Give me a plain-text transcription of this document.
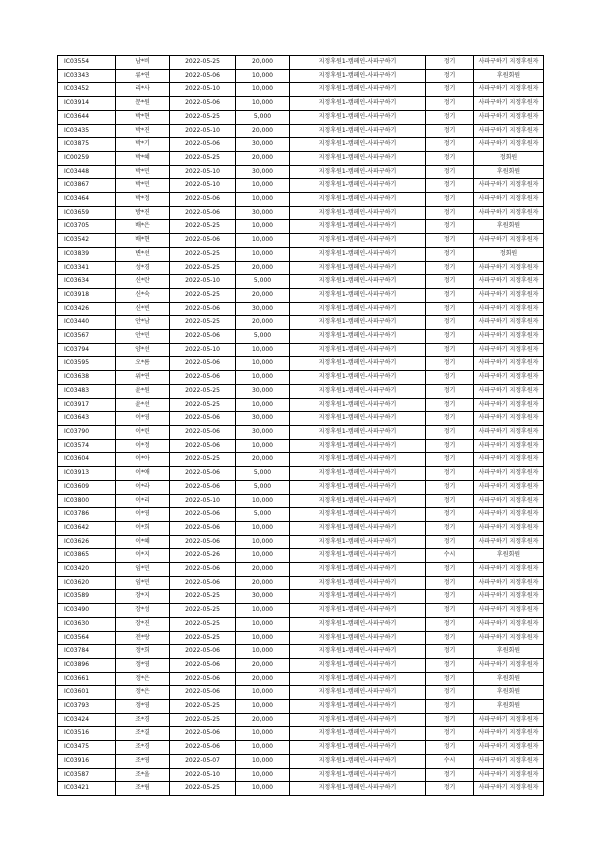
IC03554	남*비	2022-05-25	20,000	지정후원1-캠페인-사파구하기	정기	사파구하기 지정후원자
IC03343	류*연	2022-05-06	10,000	지정후원1-캠페인-사파구하기	정기	후원회원
IC03452	리*사	2022-05-10	10,000	지정후원1-캠페인-사파구하기	정기	사파구하기 지정후원자
IC03914	문*원	2022-05-06	10,000	지정후원1-캠페인-사파구하기	정기	사파구하기 지정후원자
IC03644	박*현	2022-05-25	5,000	지정후원1-캠페인-사파구하기	정기	사파구하기 지정후원자
IC03435	박*진	2022-05-10	20,000	지정후원1-캠페인-사파구하기	정기	사파구하기 지정후원자
IC03875	박*기	2022-05-06	30,000	지정후원1-캠페인-사파구하기	정기	사파구하기 지정후원자
IC00259	박*혜	2022-05-25	20,000	지정후원1-캠페인-사파구하기	정기	정회원
IC03448	박*민	2022-05-10	30,000	지정후원1-캠페인-사파구하기	정기	후원회원
IC03867	박*민	2022-05-10	10,000	지정후원1-캠페인-사파구하기	정기	사파구하기 지정후원자
IC03464	박*정	2022-05-06	10,000	지정후원1-캠페인-사파구하기	정기	사파구하기 지정후원자
IC03659	방*진	2022-05-06	30,000	지정후원1-캠페인-사파구하기	정기	사파구하기 지정후원자
IC03705	배*은	2022-05-25	10,000	지정후원1-캠페인-사파구하기	정기	후원회원
IC03542	배*현	2022-05-06	10,000	지정후원1-캠페인-사파구하기	정기	사파구하기 지정후원자
IC03839	변*선	2022-05-25	10,000	지정후원1-캠페인-사파구하기	정기	정회원
IC03341	성*경	2022-05-25	20,000	지정후원1-캠페인-사파구하기	정기	사파구하기 지정후원자
IC03634	신*란	2022-05-10	5,000	지정후원1-캠페인-사파구하기	정기	사파구하기 지정후원자
IC03918	신*숙	2022-05-25	20,000	지정후원1-캠페인-사파구하기	정기	사파구하기 지정후원자
IC03426	신*빈	2022-05-06	30,000	지정후원1-캠페인-사파구하기	정기	사파구하기 지정후원자
IC03440	안*남	2022-05-25	20,000	지정후원1-캠페인-사파구하기	정기	사파구하기 지정후원자
IC03567	안*민	2022-05-06	5,000	지정후원1-캠페인-사파구하기	정기	사파구하기 지정후원자
IC03794	양*선	2022-05-10	10,000	지정후원1-캠페인-사파구하기	정기	사파구하기 지정후원자
IC03595	오*름	2022-05-06	10,000	지정후원1-캠페인-사파구하기	정기	사파구하기 지정후원자
IC03638	위*연	2022-05-06	10,000	지정후원1-캠페인-사파구하기	정기	사파구하기 지정후원자
IC03483	윤*원	2022-05-25	30,000	지정후원1-캠페인-사파구하기	정기	사파구하기 지정후원자
IC03917	윤*선	2022-05-25	10,000	지정후원1-캠페인-사파구하기	정기	사파구하기 지정후원자
IC03643	이*영	2022-05-06	30,000	지정후원1-캠페인-사파구하기	정기	사파구하기 지정후원자
IC03790	이*린	2022-05-06	30,000	지정후원1-캠페인-사파구하기	정기	사파구하기 지정후원자
IC03574	이*정	2022-05-06	10,000	지정후원1-캠페인-사파구하기	정기	사파구하기 지정후원자
IC03604	이*아	2022-05-25	20,000	지정후원1-캠페인-사파구하기	정기	사파구하기 지정후원자
IC03913	이*애	2022-05-06	5,000	지정후원1-캠페인-사파구하기	정기	사파구하기 지정후원자
IC03609	이*라	2022-05-06	5,000	지정후원1-캠페인-사파구하기	정기	사파구하기 지정후원자
IC03800	이*리	2022-05-10	10,000	지정후원1-캠페인-사파구하기	정기	사파구하기 지정후원자
IC03786	이*영	2022-05-06	5,000	지정후원1-캠페인-사파구하기	정기	사파구하기 지정후원자
IC03642	이*희	2022-05-06	10,000	지정후원1-캠페인-사파구하기	정기	사파구하기 지정후원자
IC03626	이*혜	2022-05-06	10,000	지정후원1-캠페인-사파구하기	정기	사파구하기 지정후원자
IC03865	이*지	2022-05-26	10,000	지정후원1-캠페인-사파구하기	수시	후원회원
IC03420	임*민	2022-05-06	20,000	지정후원1-캠페인-사파구하기	정기	사파구하기 지정후원자
IC03620	임*민	2022-05-06	20,000	지정후원1-캠페인-사파구하기	정기	사파구하기 지정후원자
IC03589	장*지	2022-05-25	30,000	지정후원1-캠페인-사파구하기	정기	사파구하기 지정후원자
IC03490	장*성	2022-05-25	10,000	지정후원1-캠페인-사파구하기	정기	사파구하기 지정후원자
IC03630	장*진	2022-05-25	10,000	지정후원1-캠페인-사파구하기	정기	사파구하기 지정후원자
IC03564	전*랑	2022-05-25	10,000	지정후원1-캠페인-사파구하기	정기	사파구하기 지정후원자
IC03784	정*희	2022-05-06	10,000	지정후원1-캠페인-사파구하기	정기	후원회원
IC03896	정*영	2022-05-06	20,000	지정후원1-캠페인-사파구하기	정기	사파구하기 지정후원자
IC03661	정*은	2022-05-06	20,000	지정후원1-캠페인-사파구하기	정기	후원회원
IC03601	정*은	2022-05-06	10,000	지정후원1-캠페인-사파구하기	정기	후원회원
IC03793	정*영	2022-05-25	10,000	지정후원1-캠페인-사파구하기	정기	후원회원
IC03424	조*경	2022-05-25	20,000	지정후원1-캠페인-사파구하기	정기	사파구하기 지정후원자
IC03516	조*결	2022-05-06	10,000	지정후원1-캠페인-사파구하기	정기	사파구하기 지정후원자
IC03475	조*경	2022-05-06	10,000	지정후원1-캠페인-사파구하기	정기	사파구하기 지정후원자
IC03916	조*영	2022-05-07	10,000	지정후원1-캠페인-사파구하기	수시	사파구하기 지정후원자
IC03587	조*올	2022-05-10	10,000	지정후원1-캠페인-사파구하기	정기	사파구하기 지정후원자
IC03421	조*림	2022-05-25	10,000	지정후원1-캠페인-사파구하기	정기	사파구하기 지정후원자
